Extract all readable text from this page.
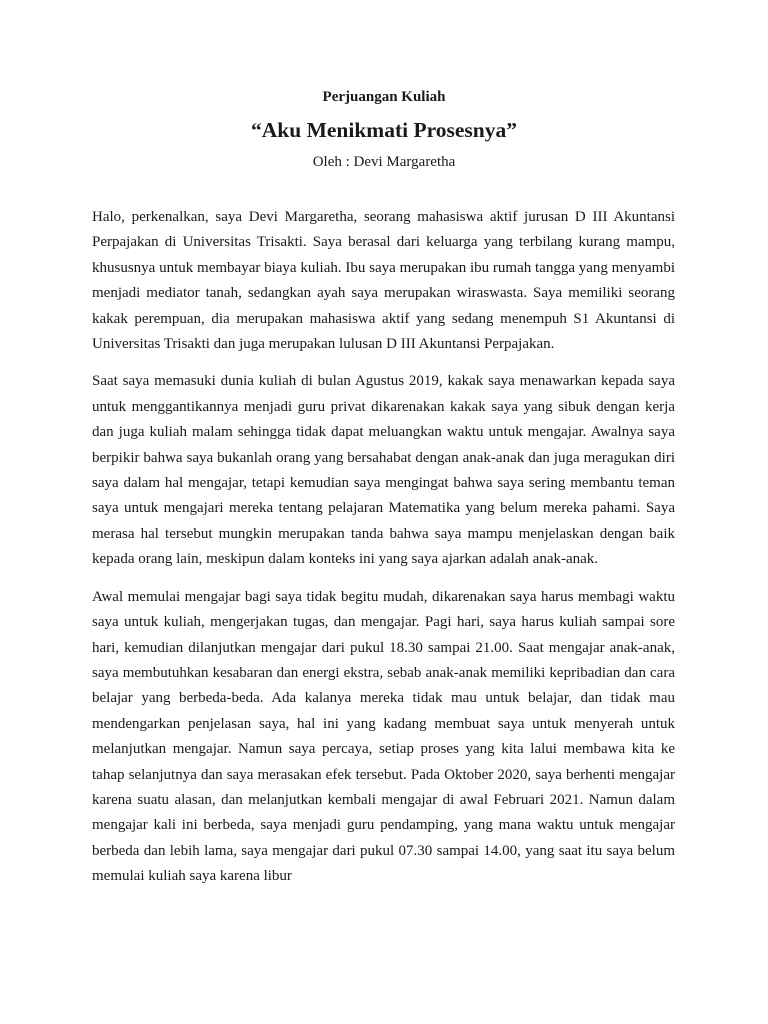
Perjuangan Kuliah
“Aku Menikmati Prosesnya”
Oleh : Devi Margaretha

Halo, perkenalkan, saya Devi Margaretha, seorang mahasiswa aktif jurusan D III Akuntansi Perpajakan di Universitas Trisakti. Saya berasal dari keluarga yang terbilang kurang mampu, khususnya untuk membayar biaya kuliah. Ibu saya merupakan ibu rumah tangga yang menyambi menjadi mediator tanah, sedangkan ayah saya merupakan wiraswasta. Saya memiliki seorang kakak perempuan, dia merupakan mahasiswa aktif yang sedang menempuh S1 Akuntansi di Universitas Trisakti dan juga merupakan lulusan D III Akuntansi Perpajakan.

Saat saya memasuki dunia kuliah di bulan Agustus 2019, kakak saya menawarkan kepada saya untuk menggantikannya menjadi guru privat dikarenakan kakak saya yang sibuk dengan kerja dan juga kuliah malam sehingga tidak dapat meluangkan waktu untuk mengajar. Awalnya saya berpikir bahwa saya bukanlah orang yang bersahabat dengan anak-anak dan juga meragukan diri saya dalam hal mengajar, tetapi kemudian saya mengingat bahwa saya sering membantu teman saya untuk mengajari mereka tentang pelajaran Matematika yang belum mereka pahami. Saya merasa hal tersebut mungkin merupakan tanda bahwa saya mampu menjelaskan dengan baik kepada orang lain, meskipun dalam konteks ini yang saya ajarkan adalah anak-anak.

Awal memulai mengajar bagi saya tidak begitu mudah, dikarenakan saya harus membagi waktu saya untuk kuliah, mengerjakan tugas, dan mengajar. Pagi hari, saya harus kuliah sampai sore hari, kemudian dilanjutkan mengajar dari pukul 18.30 sampai 21.00. Saat mengajar anak-anak, saya membutuhkan kesabaran dan energi ekstra, sebab anak-anak memiliki kepribadian dan cara belajar yang berbeda-beda. Ada kalanya mereka tidak mau untuk belajar, dan tidak mau mendengarkan penjelasan saya, hal ini yang kadang membuat saya untuk menyerah untuk melanjutkan mengajar. Namun saya percaya, setiap proses yang kita lalui membawa kita ke tahap selanjutnya dan saya merasakan efek tersebut. Pada Oktober 2020, saya berhenti mengajar karena suatu alasan, dan melanjutkan kembali mengajar di awal Februari 2021. Namun dalam mengajar kali ini berbeda, saya menjadi guru pendamping, yang mana waktu untuk mengajar berbeda dan lebih lama, saya mengajar dari pukul 07.30 sampai 14.00, yang saat itu saya belum memulai kuliah saya karena libur
